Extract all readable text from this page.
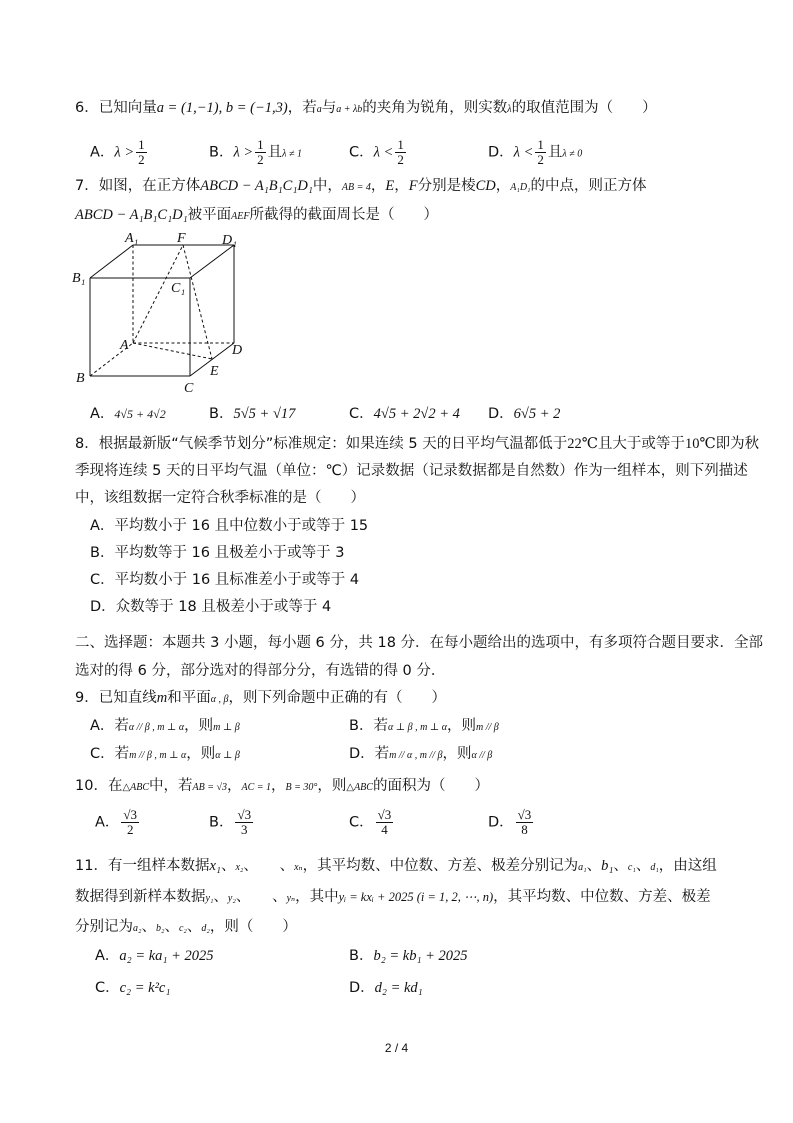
6．已知向量a = (1,−1), b = (−1,3)，若a与a + λb的夹角为锐角，则实数λ的取值范围为（　　）
A．$\lambda > \frac{1}{2}$	B．$\lambda > \frac{1}{2}$ 且λ ≠ 1	C．$\lambda < \frac{1}{2}$	D．$\lambda < \frac{1}{2}$ 且λ ≠ 0
7．如图，在正方体ABCD − A₁B₁C₁D₁中，AB = 4，E，F分别是棱CD，A₁D₁的中点，则正方体
ABCD − A₁B₁C₁D₁被平面AEF所截得的截面周长是（　　）
A₁	F	D₁
B₁
C₁
A	D
B	E
C
A．4√5 + 4√2	B．5√5 + √17	C．4√5 + 2√2 + 4 D．6√5 + 2
8．根据最新版“气候季节划分”标准规定：如果连续 5 天的日平均气温都低于22℃且大于或等于10℃即为秋
季现将连续 5 天的日平均气温（单位：℃）记录数据（记录数据都是自然数）作为一组样本，则下列描述
中，该组数据一定符合秋季标准的是（　　）
A．平均数小于 16 且中位数小于或等于 15
B．平均数等于 16 且极差小于或等于 3
C．平均数小于 16 且标准差小于或等于 4
D．众数等于 18 且极差小于或等于 4
二、选择题：本题共 3 小题，每小题 6 分，共 18 分．在每小题给出的选项中，有多项符合题目要求．全部
选对的得 6 分，部分选对的得部分分，有选错的得 0 分．
9．已知直线m和平面α , β，则下列命题中正确的有（　　）
A．若α // β , m ⊥ α，则m ⊥ β	B．若α ⊥ β , m ⊥ α，则m // β
C．若m // β , m ⊥ α，则α ⊥ β	D．若m // α , m // β，则α // β
10．在△ABC中，若AB = √3，AC = 1，B = 30°，则△ABC的面积为（　　）
A． $\frac{√3}{2}$	B． $\frac{√3}{3}$	C． $\frac{√3}{4}$	D． $\frac{√3}{8}$
11．有一组样本数据x₁、x₂、　　、xₙ，其平均数、中位数、方差、极差分别记为a₁、b₁、c₁、d₁，由这组
数据得到新样本数据y₁、y₂、　　、yₙ，其中yᵢ = kxᵢ + 2025 (i = 1, 2, ⋯, n)，其平均数、中位数、方差、极差
分别记为a₂、b₂、c₂、d₂，则（　　）
A．a₂ = ka₁ + 2025	B．b₂ = kb₁ + 2025
C．c₂ = k²c₁	D．d₂ = kd₁
2 / 4
